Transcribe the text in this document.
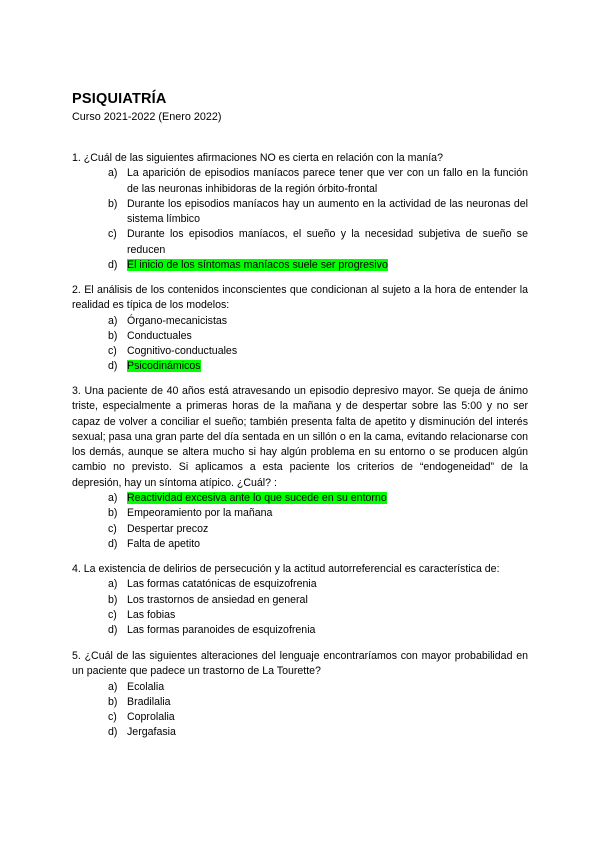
PSIQUIATRÍA
Curso 2021-2022 (Enero 2022)

1. ¿Cuál de las siguientes afirmaciones NO es cierta en relación con la manía?

a) La aparición de episodios maníacos parece tener que ver con un fallo en la función de las neuronas inhibidoras de la región órbito-frontal
b) Durante los episodios maníacos hay un aumento en la actividad de las neuronas del sistema límbico
c) Durante los episodios maníacos, el sueño y la necesidad subjetiva de sueño se reducen
d) El inicio de los síntomas maníacos suele ser progresivo

2. El análisis de los contenidos inconscientes que condicionan al sujeto a la hora de entender la realidad es típica de los modelos:

a) Órgano-mecanicistas
b) Conductuales
c) Cognitivo-conductuales
d) Psicodinámicos

3. Una paciente de 40 años está atravesando un episodio depresivo mayor. Se queja de ánimo triste, especialmente a primeras horas de la mañana y de despertar sobre las 5:00 y no ser capaz de volver a conciliar el sueño; también presenta falta de apetito y disminución del interés sexual; pasa una gran parte del día sentada en un sillón o en la cama, evitando relacionarse con los demás, aunque se altera mucho si hay algún problema en su entorno o se producen algún cambio no previsto. Si aplicamos a esta paciente los criterios de “endogeneidad” de la depresión, hay un síntoma atípico. ¿Cuál? :

a) Reactividad excesiva ante lo que sucede en su entorno
b) Empeoramiento por la mañana
c) Despertar precoz
d) Falta de apetito

4. La existencia de delirios de persecución y la actitud autorreferencial es característica de:

a) Las formas catatónicas de esquizofrenia
b) Los trastornos de ansiedad en general
c) Las fobias
d) Las formas paranoides de esquizofrenia

5. ¿Cuál de las siguientes alteraciones del lenguaje encontraríamos con mayor probabilidad en un paciente que padece un trastorno de La Tourette?

a) Ecolalia
b) Bradilalia
c) Coprolalia
d) Jergafasia
